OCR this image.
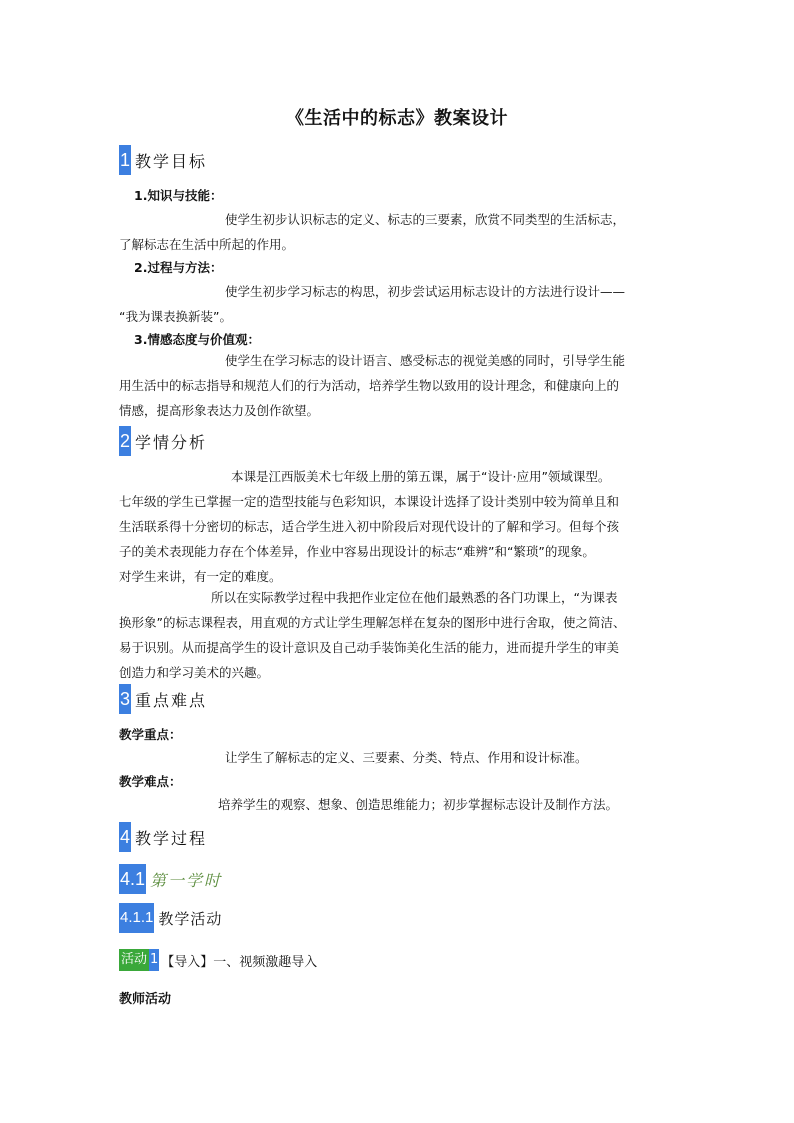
《生活中的标志》教案设计
1 教学目标
1.知识与技能：
使学生初步认识标志的定义、标志的三要素，欣赏不同类型的生活标志，
了解标志在生活中所起的作用。
2.过程与方法：
使学生初步学习标志的构思，初步尝试运用标志设计的方法进行设计——
“我为课表换新装”。
3.情感态度与价值观：
使学生在学习标志的设计语言、感受标志的视觉美感的同时，引导学生能
用生活中的标志指导和规范人们的行为活动，培养学生物以致用的设计理念，和健康向上的
情感，提高形象表达力及创作欲望。
2 学情分析
本课是江西版美术七年级上册的第五课，属于“设计·应用”领域课型。
七年级的学生已掌握一定的造型技能与色彩知识，本课设计选择了设计类别中较为简单且和
生活联系得十分密切的标志，适合学生进入初中阶段后对现代设计的了解和学习。但每个孩
子的美术表现能力存在个体差异，作业中容易出现设计的标志“难辨”和“繁琐”的现象。
对学生来讲，有一定的难度。
所以在实际教学过程中我把作业定位在他们最熟悉的各门功课上，“为课表
换形象”的标志课程表，用直观的方式让学生理解怎样在复杂的图形中进行舍取，使之简洁、
易于识别。从而提高学生的设计意识及自己动手装饰美化生活的能力，进而提升学生的审美
创造力和学习美术的兴趣。
3 重点难点
教学重点：
让学生了解标志的定义、三要素、分类、特点、作用和设计标准。
教学难点：
培养学生的观察、想象、创造思维能力；初步掌握标志设计及制作方法。
4 教学过程
4.1 第一学时
4.1.1 教学活动
活动 1 【导入】一、视频激趣导入
教师活动
